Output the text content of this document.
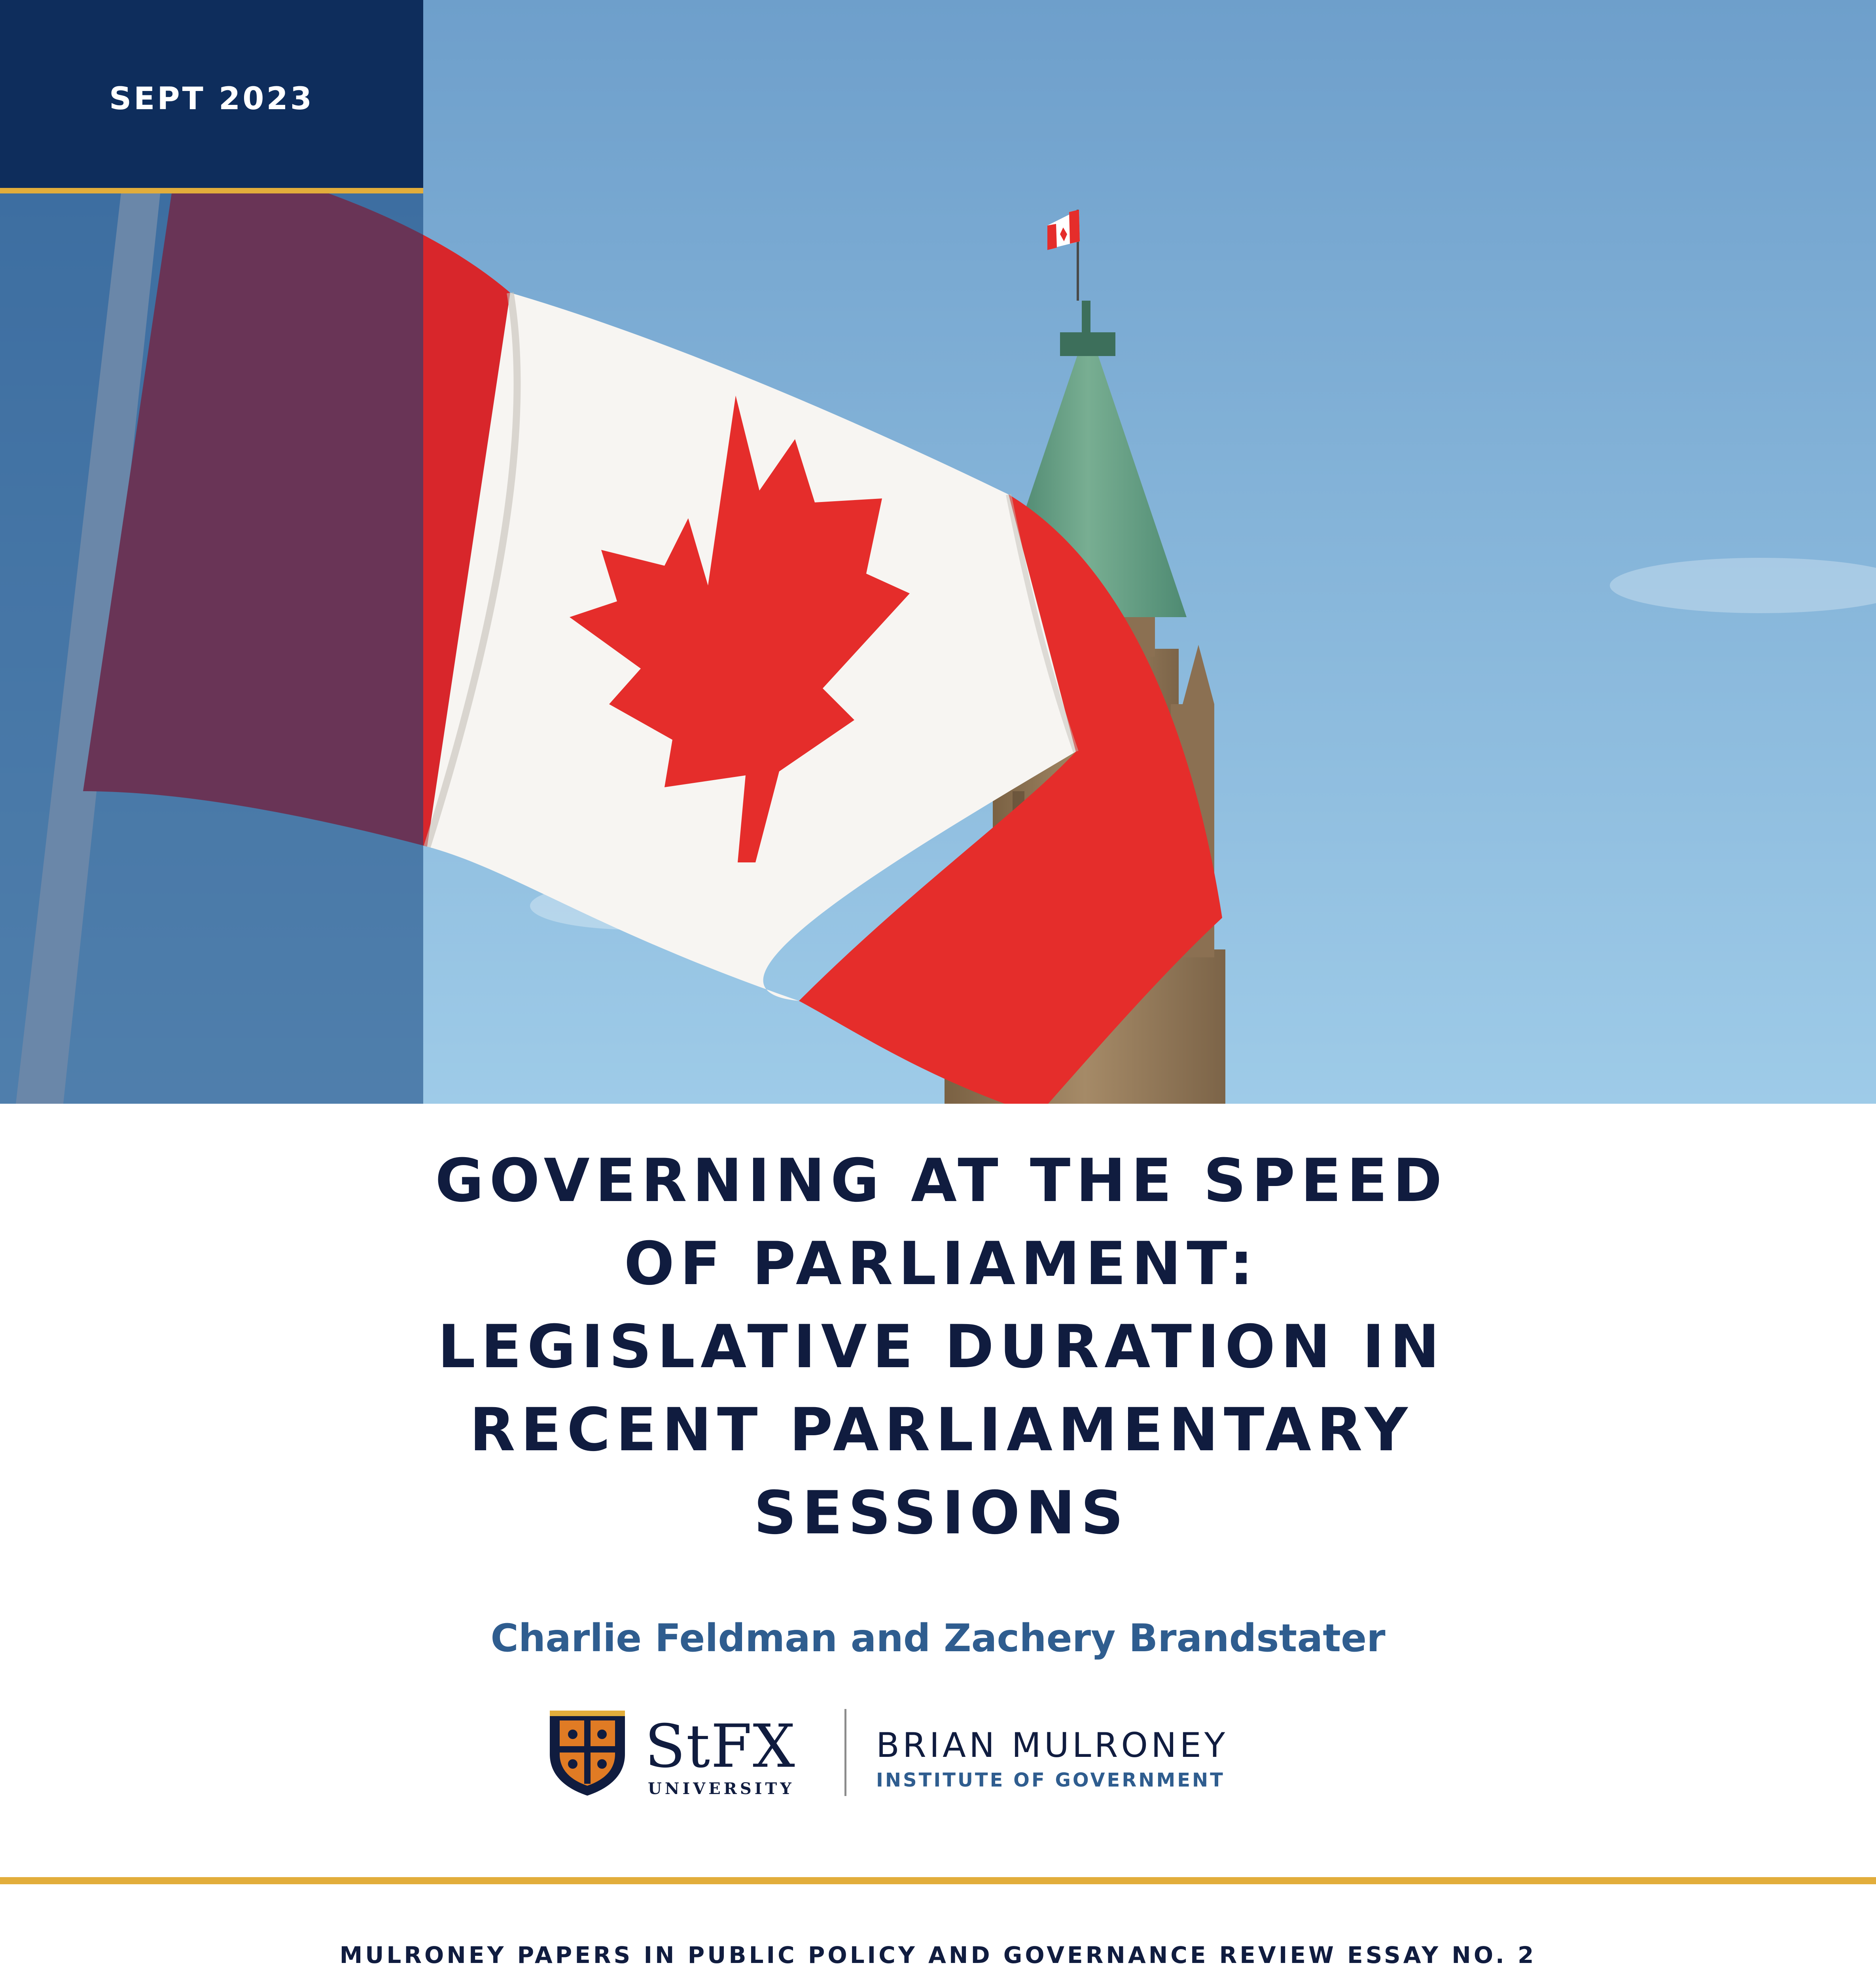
SEPT 2023

GOVERNING AT THE SPEED
OF PARLIAMENT:
LEGISLATIVE DURATION IN
RECENT PARLIAMENTARY
SESSIONS

Charlie Feldman and Zachery Brandstater

StFX
UNIVERSITY
BRIAN MULRONEY
INSTITUTE OF GOVERNMENT

MULRONEY PAPERS IN PUBLIC POLICY AND GOVERNANCE REVIEW ESSAY NO. 2
